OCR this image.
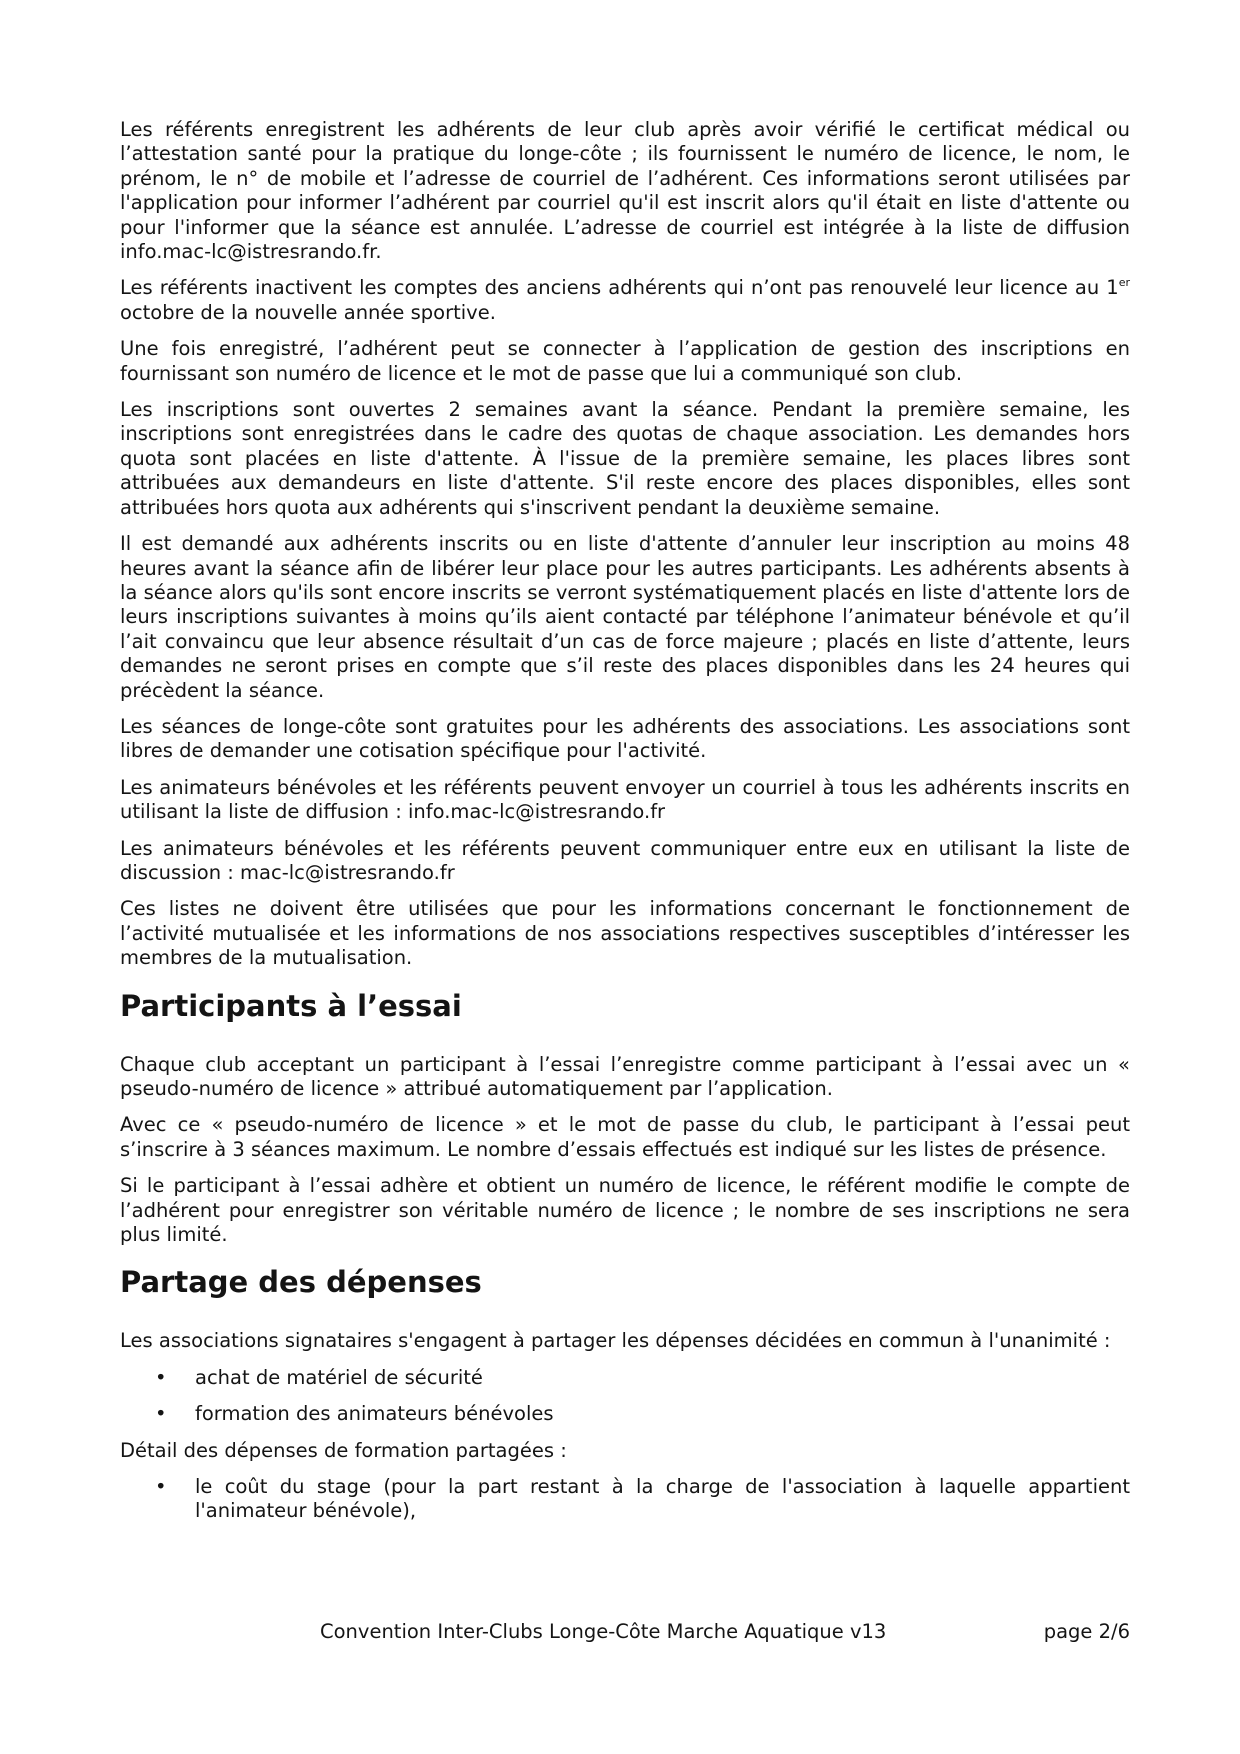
Les référents enregistrent les adhérents de leur club après avoir vérifié le certificat médical ou l’attestation santé pour la pratique du longe-côte ; ils fournissent le numéro de licence, le nom, le prénom, le n° de mobile et l’adresse de courriel de l’adhérent. Ces informations seront utilisées par l'application pour informer l’adhérent par courriel qu'il est inscrit alors qu'il était en liste d'attente ou pour l'informer que la séance est annulée. L’adresse de courriel est intégrée à la liste de diffusion info.mac-lc@istresrando.fr.

Les référents inactivent les comptes des anciens adhérents qui n’ont pas renouvelé leur licence au 1er octobre de la nouvelle année sportive.

Une fois enregistré, l’adhérent peut se connecter à l’application de gestion des inscriptions en fournissant son numéro de licence et le mot de passe que lui a communiqué son club.

Les inscriptions sont ouvertes 2 semaines avant la séance. Pendant la première semaine, les inscriptions sont enregistrées dans le cadre des quotas de chaque association. Les demandes hors quota sont placées en liste d'attente. À l'issue de la première semaine, les places libres sont attribuées aux demandeurs en liste d'attente. S'il reste encore des places disponibles, elles sont attribuées hors quota aux adhérents qui s'inscrivent pendant la deuxième semaine.

Il est demandé aux adhérents inscrits ou en liste d'attente d’annuler leur inscription au moins 48 heures avant la séance afin de libérer leur place pour les autres participants. Les adhérents absents à la séance alors qu'ils sont encore inscrits se verront systématiquement placés en liste d'attente lors de leurs inscriptions suivantes à moins qu’ils aient contacté par téléphone l’animateur bénévole et qu’il l’ait convaincu que leur absence résultait d’un cas de force majeure ; placés en liste d’attente, leurs demandes ne seront prises en compte que s’il reste des places disponibles dans les 24 heures qui précèdent la séance.

Les séances de longe-côte sont gratuites pour les adhérents des associations. Les associations sont libres de demander une cotisation spécifique pour l'activité.

Les animateurs bénévoles et les référents peuvent envoyer un courriel à tous les adhérents inscrits en utilisant la liste de diffusion : info.mac-lc@istresrando.fr

Les animateurs bénévoles et les référents peuvent communiquer entre eux en utilisant la liste de discussion : mac-lc@istresrando.fr

Ces listes ne doivent être utilisées que pour les informations concernant le fonctionnement de l’activité mutualisée et les informations de nos associations respectives susceptibles d’intéresser les membres de la mutualisation.

Participants à l’essai

Chaque club acceptant un participant à l’essai l’enregistre comme participant à l’essai avec un « pseudo-numéro de licence » attribué automatiquement par l’application.

Avec ce « pseudo-numéro de licence » et le mot de passe du club, le participant à l’essai peut s’inscrire à 3 séances maximum. Le nombre d’essais effectués est indiqué sur les listes de présence.

Si le participant à l’essai adhère et obtient un numéro de licence, le référent modifie le compte de l’adhérent pour enregistrer son véritable numéro de licence ; le nombre de ses inscriptions ne sera plus limité.

Partage des dépenses

Les associations signataires s'engagent à partager les dépenses décidées en commun à l'unanimité :

• achat de matériel de sécurité
• formation des animateurs bénévoles

Détail des dépenses de formation partagées :

• le coût du stage (pour la part restant à la charge de l'association à laquelle appartient l'animateur bénévole),
Convention Inter-Clubs Longe-Côte Marche Aquatique v13	page 2/6
